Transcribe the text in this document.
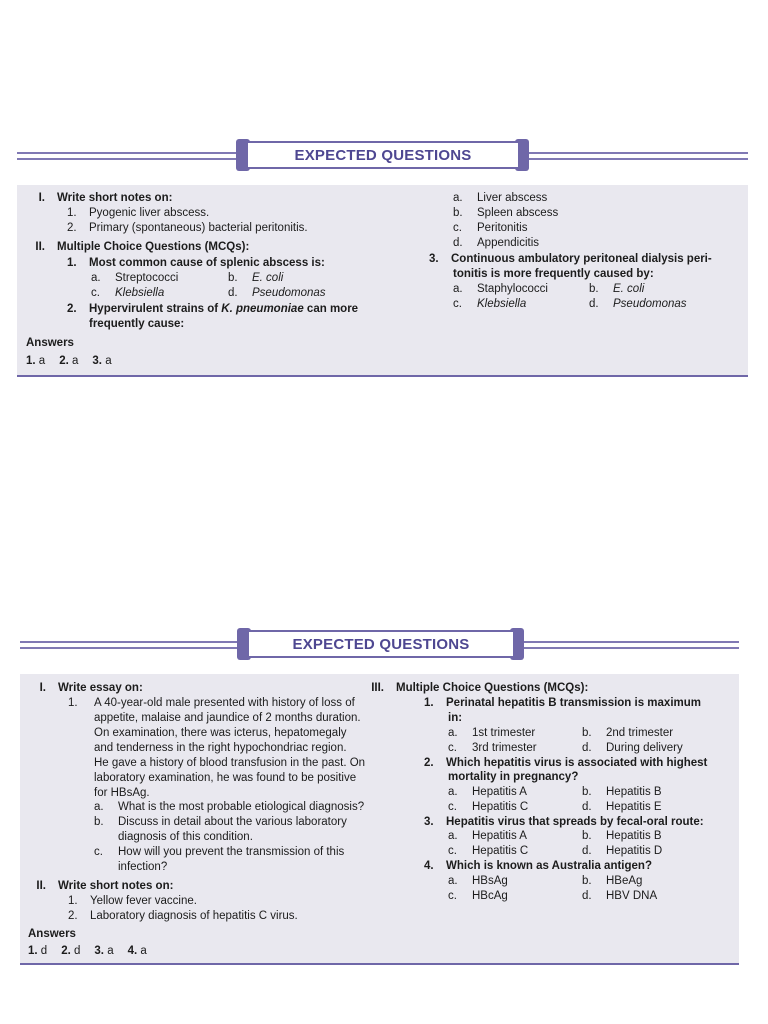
EXPECTED QUESTIONS
I. Write short notes on:
1. Pyogenic liver abscess.
2. Primary (spontaneous) bacterial peritonitis.
II. Multiple Choice Questions (MCQs):
1. Most common cause of splenic abscess is:
a. Streptococci	b. E. coli
c. Klebsiella	d. Pseudomonas
2. Hypervirulent strains of K. pneumoniae can more
frequently cause:
a. Liver abscess
b. Spleen abscess
c. Peritonitis
d. Appendicitis
3. Continuous ambulatory peritoneal dialysis peri-
tonitis is more frequently caused by:
a. Staphylococci	b. E. coli
c. Klebsiella	d. Pseudomonas
Answers
1. a 2. a 3. a
EXPECTED QUESTIONS
I. Write essay on:
1.	A 40-year-old male presented with history of loss of
appetite, malaise and jaundice of 2 months duration.
On examination, there was icterus, hepatomegaly
and tenderness in the right hypochondriac region.
He gave a history of blood transfusion in the past. On
laboratory examination, he was found to be positive
for HBsAg.
a. What is the most probable etiological diagnosis?
b. Discuss in detail about the various laboratory
diagnosis of this condition.
c. How will you prevent the transmission of this
infection?
II. Write short notes on:
1. Yellow fever vaccine.
2. Laboratory diagnosis of hepatitis C virus.
III. Multiple Choice Questions (MCQs):
1. Perinatal hepatitis B transmission is maximum
in:
a. 1st trimester	b. 2nd trimester
c. 3rd trimester	d. During delivery
2. Which hepatitis virus is associated with highest
mortality in pregnancy?
a. Hepatitis A	b. Hepatitis B
c. Hepatitis C	d. Hepatitis E
3. Hepatitis virus that spreads by fecal-oral route:
a. Hepatitis A	b. Hepatitis B
c. Hepatitis C	d. Hepatitis D
4. Which is known as Australia antigen?
a. HBsAg	b. HBeAg
c. HBcAg	d. HBV DNA
Answers
1. d 2. d 3. a 4. a
